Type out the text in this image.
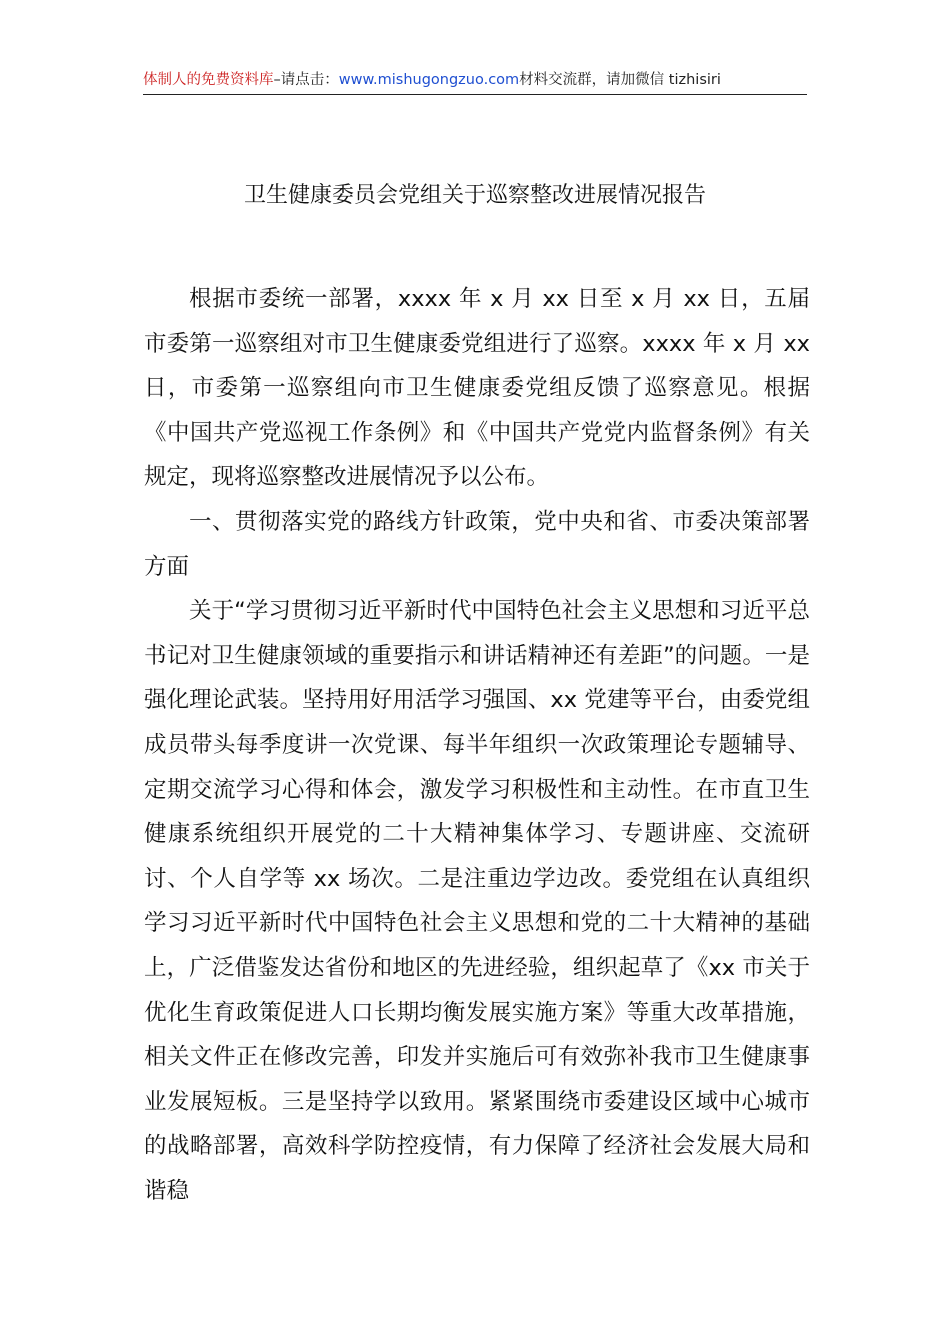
体制人的免费资料库–请点击：www.mishugongzuo.com材料交流群，请加微信 tizhisiri
卫生健康委员会党组关于巡察整改进展情况报告

根据市委统一部署，xxxx 年 x 月 xx 日至 x 月 xx 日，五届市委第一巡察组对市卫生健康委党组进行了巡察。xxxx 年 x 月 xx 日，市委第一巡察组向市卫生健康委党组反馈了巡察意见。根据《中国共产党巡视工作条例》和《中国共产党党内监督条例》有关规定，现将巡察整改进展情况予以公布。

一、贯彻落实党的路线方针政策，党中央和省、市委决策部署方面

关于“学习贯彻习近平新时代中国特色社会主义思想和习近平总书记对卫生健康领域的重要指示和讲话精神还有差距”的问题。一是强化理论武装。坚持用好用活学习强国、xx 党建等平台，由委党组成员带头每季度讲一次党课、每半年组织一次政策理论专题辅导、定期交流学习心得和体会，激发学习积极性和主动性。在市直卫生健康系统组织开展党的二十大精神集体学习、专题讲座、交流研讨、个人自学等 xx 场次。二是注重边学边改。委党组在认真组织学习习近平新时代中国特色社会主义思想和党的二十大精神的基础上，广泛借鉴发达省份和地区的先进经验，组织起草了《xx 市关于优化生育政策促进人口长期均衡发展实施方案》等重大改革措施，相关文件正在修改完善，印发并实施后可有效弥补我市卫生健康事业发展短板。三是坚持学以致用。紧紧围绕市委建设区域中心城市的战略部署，高效科学防控疫情，有力保障了经济社会发展大局和谐稳
